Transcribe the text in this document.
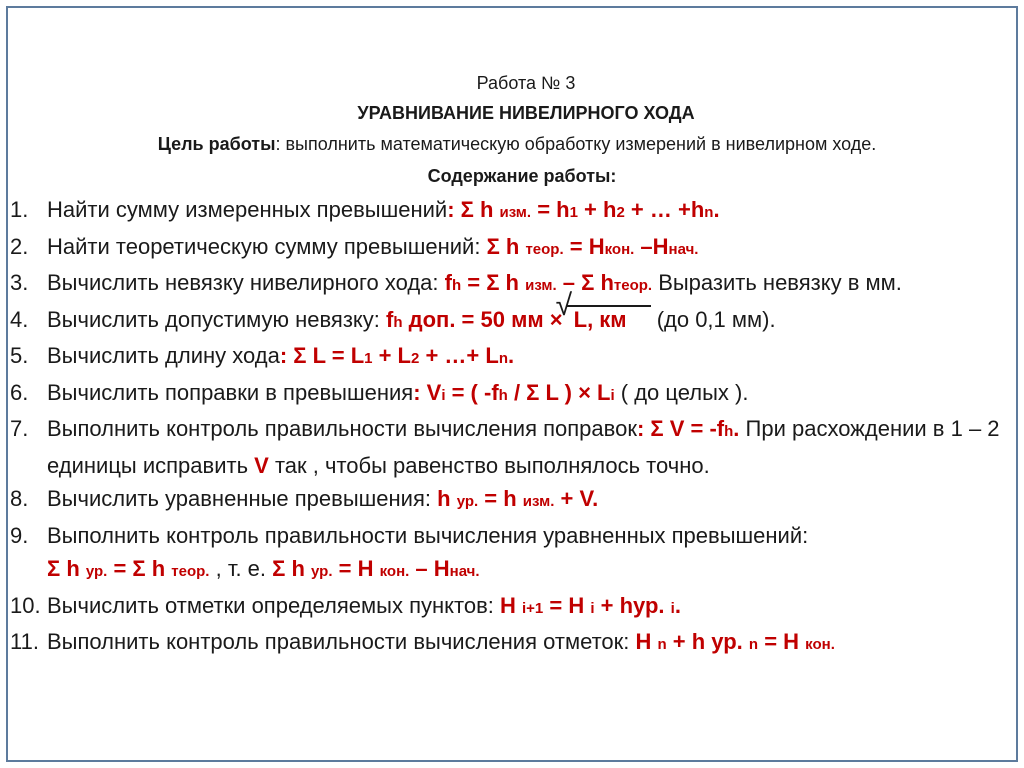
Работа № 3
УРАВНИВАНИЕ НИВЕЛИРНОГО ХОДА
Цель работы: выполнить математическую обработку измерений в нивелирном ходе.
Содержание работы:
1. Найти сумму измеренных превышений: Σ h изм. = h1 + h2 + … +hn.
2. Найти теоретическую сумму превышений: Σ h теор. = Нкон. –Ннач.
3. Вычислить невязку нивелирного хода: fh = Σ h изм. – Σ hтеор. Выразить невязку в мм.
4. Вычислить допустимую невязку: fh доп. = 50 мм ×
√ L, км (до 0,1 мм).
5. Вычислить длину хода: Σ L = L1 + L2 + …+ Ln.
6. Вычислить поправки в превышения: Vi = ( -fh / Σ L ) × Li ( до целых ).
7. Выполнить контроль правильности вычисления поправок: Σ V = -fh. При расхождении в 1 – 2 единицы исправить V так , чтобы равенство выполнялось точно.
8. Вычислить уравненные превышения: h ур. = h изм. + V.
9. Выполнить контроль правильности вычисления уравненных превышений:
Σ h ур. = Σ h теор. , т. е. Σ h ур. = Н кон. – Ннач.
10. Вычислить отметки определяемых пунктов: Н i+1 = Н i + hур. i.
11. Выполнить контроль правильности вычисления отметок: Н n + h ур. n = Н кон.
